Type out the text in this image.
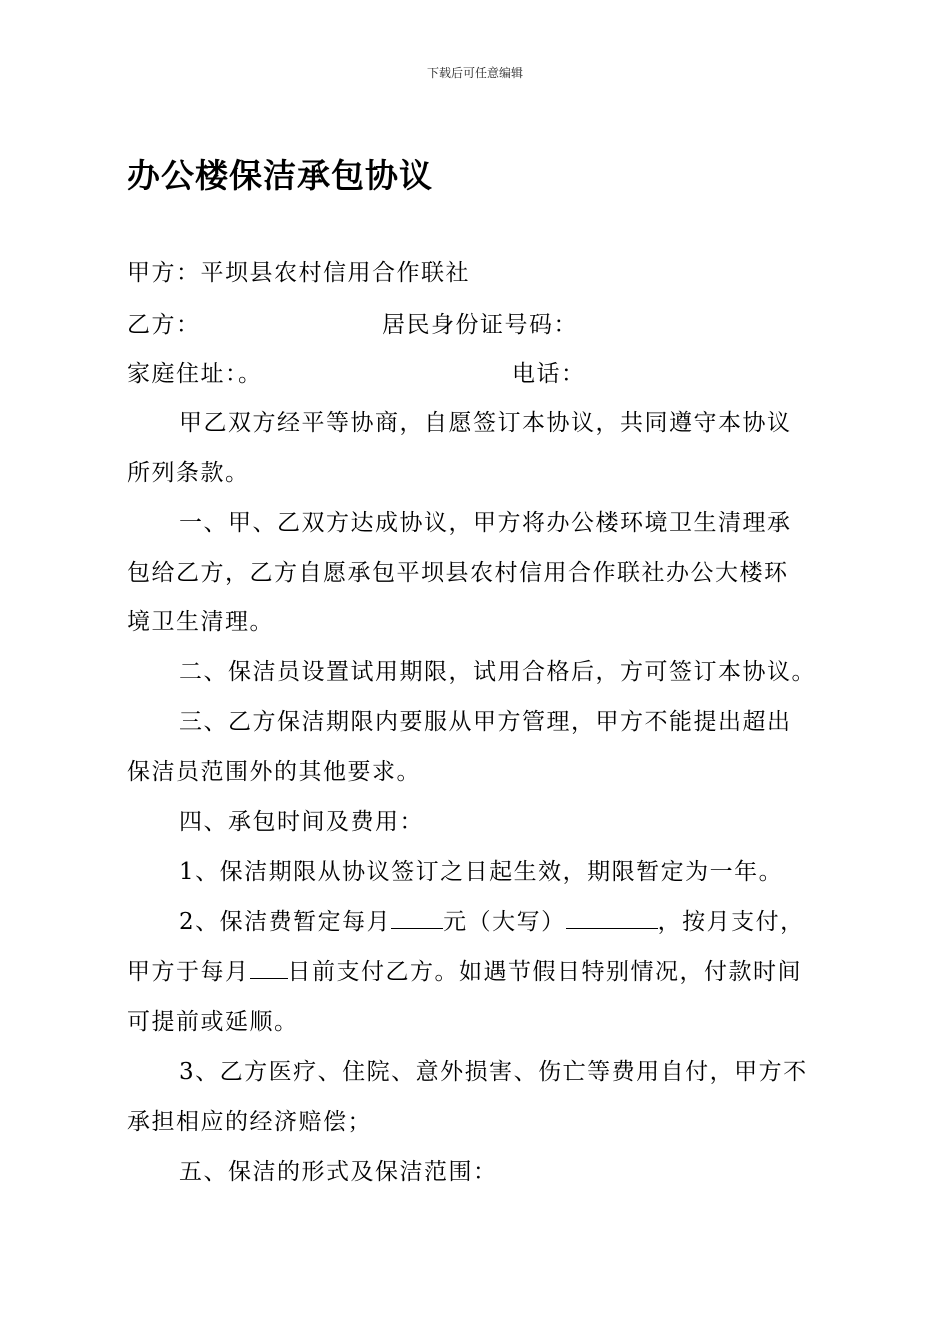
下载后可任意编辑
办公楼保洁承包协议
甲方：平坝县农村信用合作联社
乙方：	居民身份证号码：
家庭住址：。	电话：
甲乙双方经平等协商，自愿签订本协议，共同遵守本协议
所列条款。
一、甲、乙双方达成协议，甲方将办公楼环境卫生清理承
包给乙方，乙方自愿承包平坝县农村信用合作联社办公大楼环
境卫生清理。
二、保洁员设置试用期限，试用合格后，方可签订本协议。
三、乙方保洁期限内要服从甲方管理，甲方不能提出超出
保洁员范围外的其他要求。
四、承包时间及费用：
1、保洁期限从协议签订之日起生效，期限暂定为一年。
2、保洁费暂定每月 元（大写）	，按月支付，
甲方于每月 日前支付乙方。如遇节假日特别情况，付款时间
可提前或延顺。
3、乙方医疗、住院、意外损害、伤亡等费用自付，甲方不
承担相应的经济赔偿；
五、保洁的形式及保洁范围：
